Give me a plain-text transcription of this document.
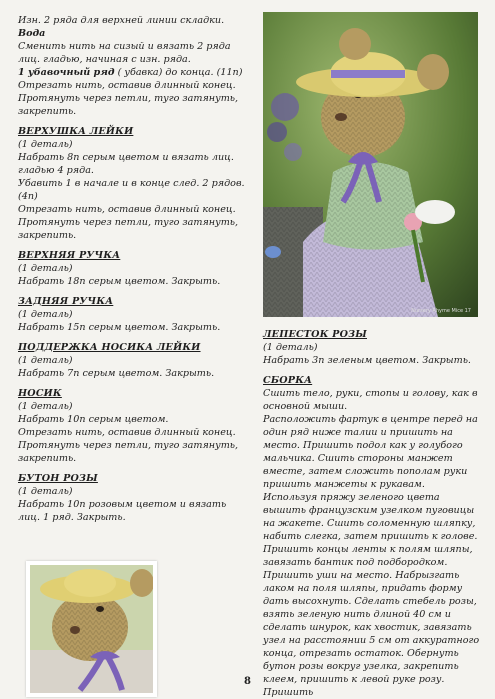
Изн. 2 ряда для верхней линии складки.

Вода

Сменить нить на сизый и вязать 2 ряда лиц. гладью, начиная с изн. ряда.

1 убавочный ряд ( убавка) до конца. (11п)

Отрезать нить, оставив длинный конец. Протянуть через петли, туго затянуть, закрепить.

ВЕРХУШКА ЛЕЙКИ

(1 деталь)

Набрать 8п серым цветом и вязать лиц. гладью 4 ряда.

Убавить 1 в начале и в конце след. 2 рядов. (4п)

Отрезать нить, оставив длинный конец. Протянуть через петли, туго затянуть, закрепить.

ВЕРХНЯЯ РУЧКА

(1 деталь)

Набрать 18п серым цветом. Закрыть.

ЗАДНЯЯ РУЧКА

(1 деталь)

Набрать 15п серым цветом. Закрыть.

ПОДДЕРЖКА НОСИКА ЛЕЙКИ

(1 деталь)

Набрать 7п серым цветом. Закрыть.

НОСИК

(1 деталь)

Набрать 10п серым цветом.

Отрезать нить, оставив длинный конец. Протянуть через петли, туго затянуть, закрепить.

БУТОН РОЗЫ

(1 деталь)

Набрать 10п розовым цветом и вязать лиц. 1 ряд. Закрыть.

Nursery Rhyme Mice 17

ЛЕПЕСТОК РОЗЫ

(1 деталь)

Набрать 3п зеленым цветом. Закрыть.

СБОРКА

Сшить тело, руки, стопы и голову, как в основной мыши.

Расположить фартук в центре перед на один ряд ниже талии и пришить на место. Пришить подол как у голубого мальчика. Сшить стороны манжет вместе, затем сложить пополам руки пришить манжеты к рукавам. Используя пряжу зеленого цвета вышить французским узелком пуговицы на жакете. Сшить соломенную шляпку, набить слегка, затем пришить к голове. Пришить концы ленты к полям шляпы, завязать бантик под подбородком. Пришить уши на место. Набрызгать лаком на поля шляпы, придать форму дать высохнуть. Сделать стебель розы, взять зеленую нить длиной 40 см и сделать шнурок, как хвостик, завязать узел на расстоянии 5 см от аккуратного конца, отрезать остаток. Обернуть бутон розы вокруг узелка, закрепить клеем, пришить к левой руке розу. Пришить

8
